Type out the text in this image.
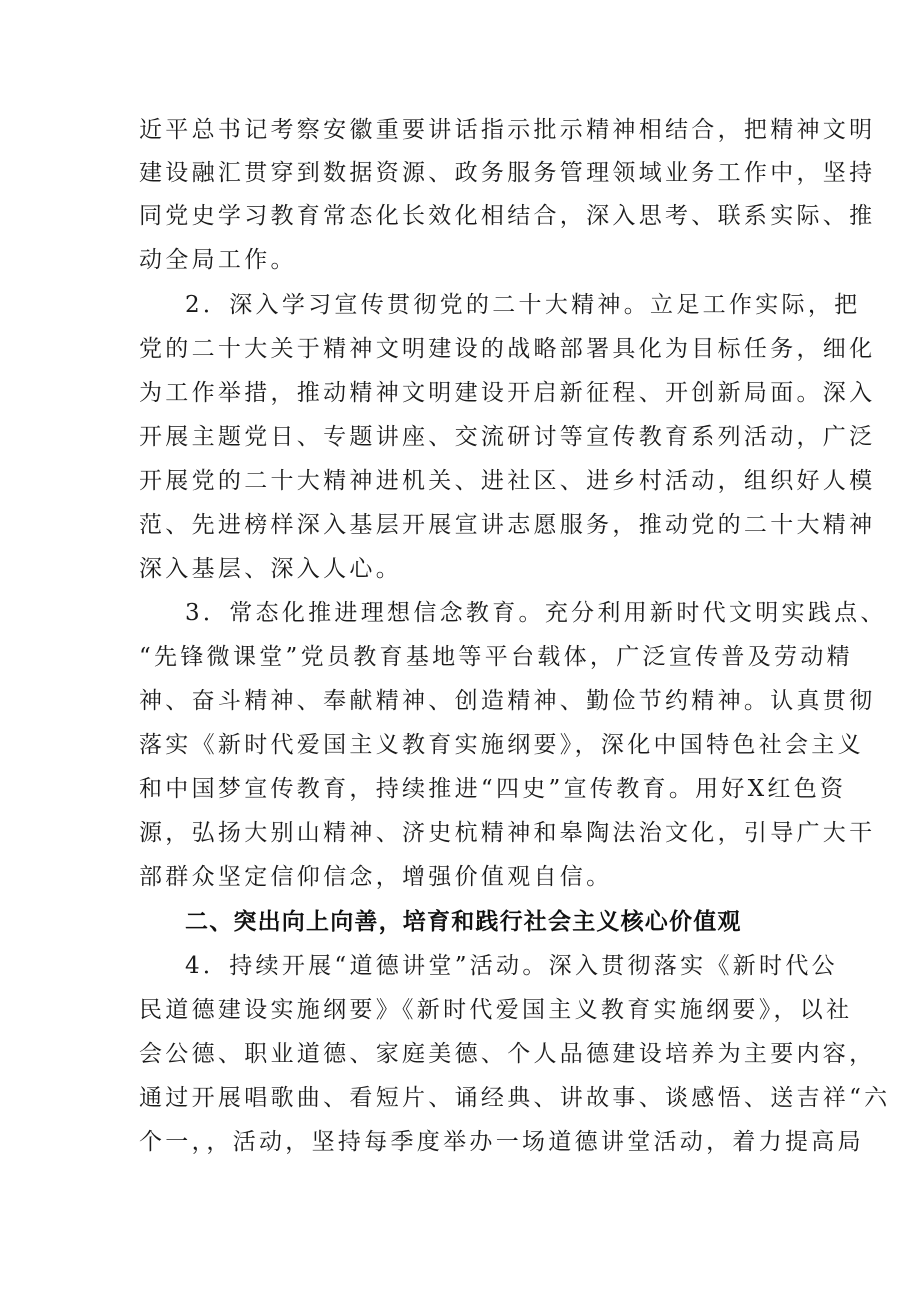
近平总书记考察安徽重要讲话指示批示精神相结合，把精神文明
建设融汇贯穿到数据资源、政务服务管理领域业务工作中，坚持
同党史学习教育常态化长效化相结合，深入思考、联系实际、推
动全局工作。
2．深入学习宣传贯彻党的二十大精神。立足工作实际，把
党的二十大关于精神文明建设的战略部署具化为目标任务，细化
为工作举措，推动精神文明建设开启新征程、开创新局面。深入
开展主题党日、专题讲座、交流研讨等宣传教育系列活动，广泛
开展党的二十大精神进机关、进社区、进乡村活动，组织好人模
范、先进榜样深入基层开展宣讲志愿服务，推动党的二十大精神
深入基层、深入人心。
3．常态化推进理想信念教育。充分利用新时代文明实践点、
“先锋微课堂”党员教育基地等平台载体，广泛宣传普及劳动精
神、奋斗精神、奉献精神、创造精神、勤俭节约精神。认真贯彻
落实《新时代爱国主义教育实施纲要》，深化中国特色社会主义
和中国梦宣传教育，持续推进“四史”宣传教育。用好X红色资
源，弘扬大别山精神、济史杭精神和皋陶法治文化，引导广大干
部群众坚定信仰信念，增强价值观自信。
二、突出向上向善，培育和践行社会主义核心价值观
4．持续开展“道德讲堂”活动。深入贯彻落实《新时代公
民道德建设实施纲要》《新时代爱国主义教育实施纲要》，以社
会公德、职业道德、家庭美德、个人品德建设培养为主要内容，
通过开展唱歌曲、看短片、诵经典、讲故事、谈感悟、送吉祥“六
个一，，活动，坚持每季度举办一场道德讲堂活动，着力提高局
